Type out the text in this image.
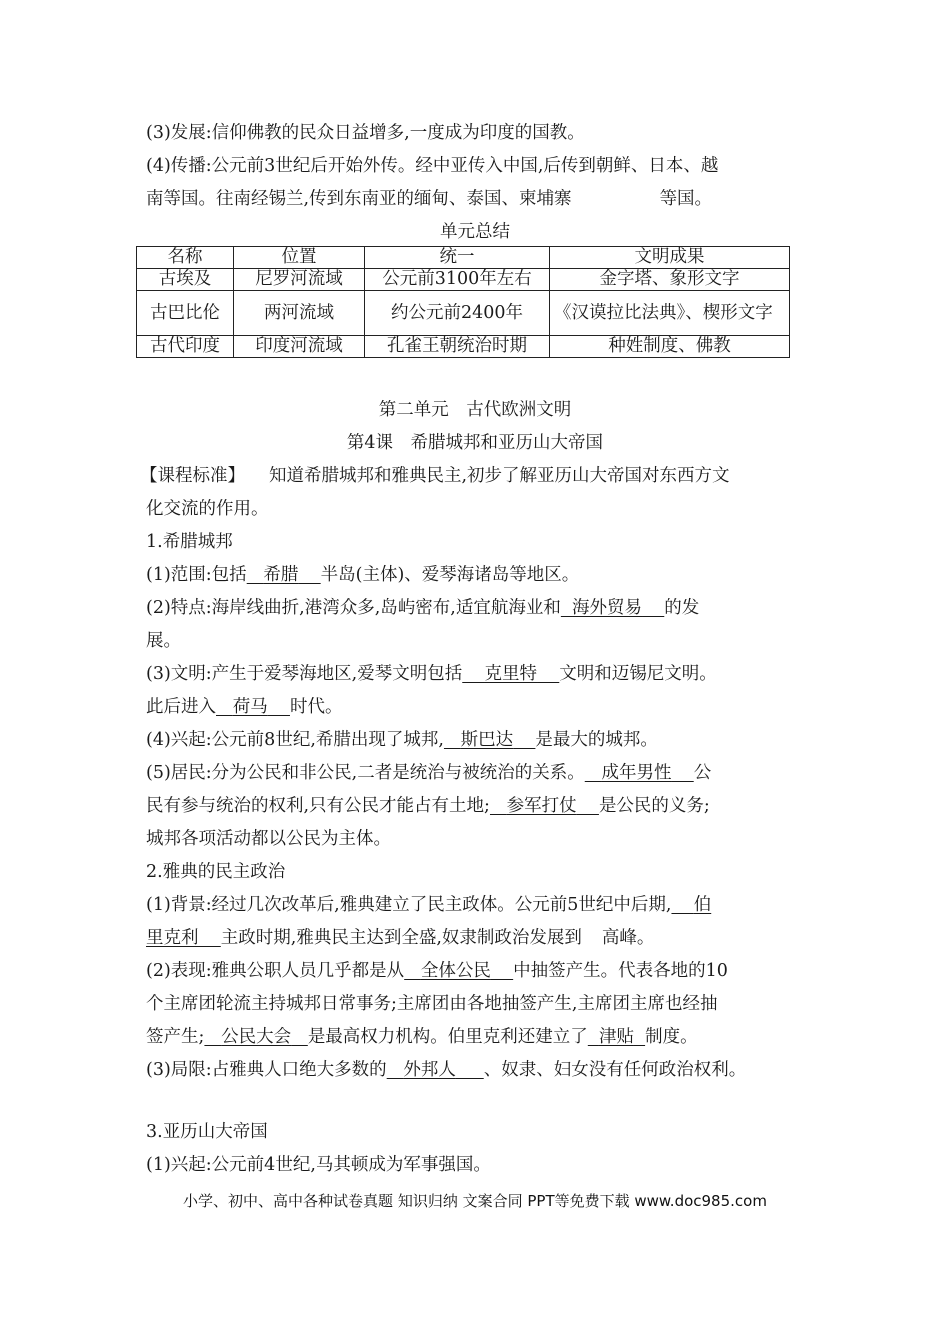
(3)发展:信仰佛教的民众日益增多,一度成为印度的国教。
(4)传播:公元前3世纪后开始外传。经中亚传入中国,后传到朝鲜、日本、越
南等国。往南经锡兰,传到东南亚的缅甸、泰国、柬埔寨	等国。
单元总结
名称	位置	统一	文明成果
古埃及	尼罗河流域	公元前3100年左右	金字塔、象形文字
古巴比伦	两河流域	约公元前2400年	《汉谟拉比法典》、楔形文字
古代印度	印度河流域	孔雀王朝统治时期	种姓制度、佛教
第二单元　古代欧洲文明
第4课　希腊城邦和亚历山大帝国
【课程标准】 知道希腊城邦和雅典民主,初步了解亚历山大帝国对东西方文
化交流的作用。
1.希腊城邦
(1)范围:包括 希腊 半岛(主体)、爱琴海诸岛等地区。
(2)特点:海岸线曲折,港湾众多,岛屿密布,适宜航海业和 海外贸易 的发
展。
(3)文明:产生于爱琴海地区,爱琴文明包括 克里特 文明和迈锡尼文明。
此后进入 荷马 时代。
(4)兴起:公元前8世纪,希腊出现了城邦, 斯巴达 是最大的城邦。
(5)居民:分为公民和非公民,二者是统治与被统治的关系。 成年男性 公
民有参与统治的权利,只有公民才能占有土地; 参军打仗 是公民的义务;
城邦各项活动都以公民为主体。
2.雅典的民主政治
(1)背景:经过几次改革后,雅典建立了民主政体。公元前5世纪中后期, 伯
里克利 主政时期,雅典民主达到全盛,奴隶制政治发展到 高峰。
(2)表现:雅典公职人员几乎都是从 全体公民 中抽签产生。代表各地的10
个主席团轮流主持城邦日常事务;主席团由各地抽签产生,主席团主席也经抽
签产生; 公民大会 是最高权力机构。伯里克利还建立了 津贴 制度。
(3)局限:占雅典人口绝大多数的 外邦人 、奴隶、妇女没有任何政治权利。
3.亚历山大帝国
(1)兴起:公元前4世纪,马其顿成为军事强国。
小学、初中、高中各种试卷真题 知识归纳 文案合同 PPT等免费下载 www.doc985.com
